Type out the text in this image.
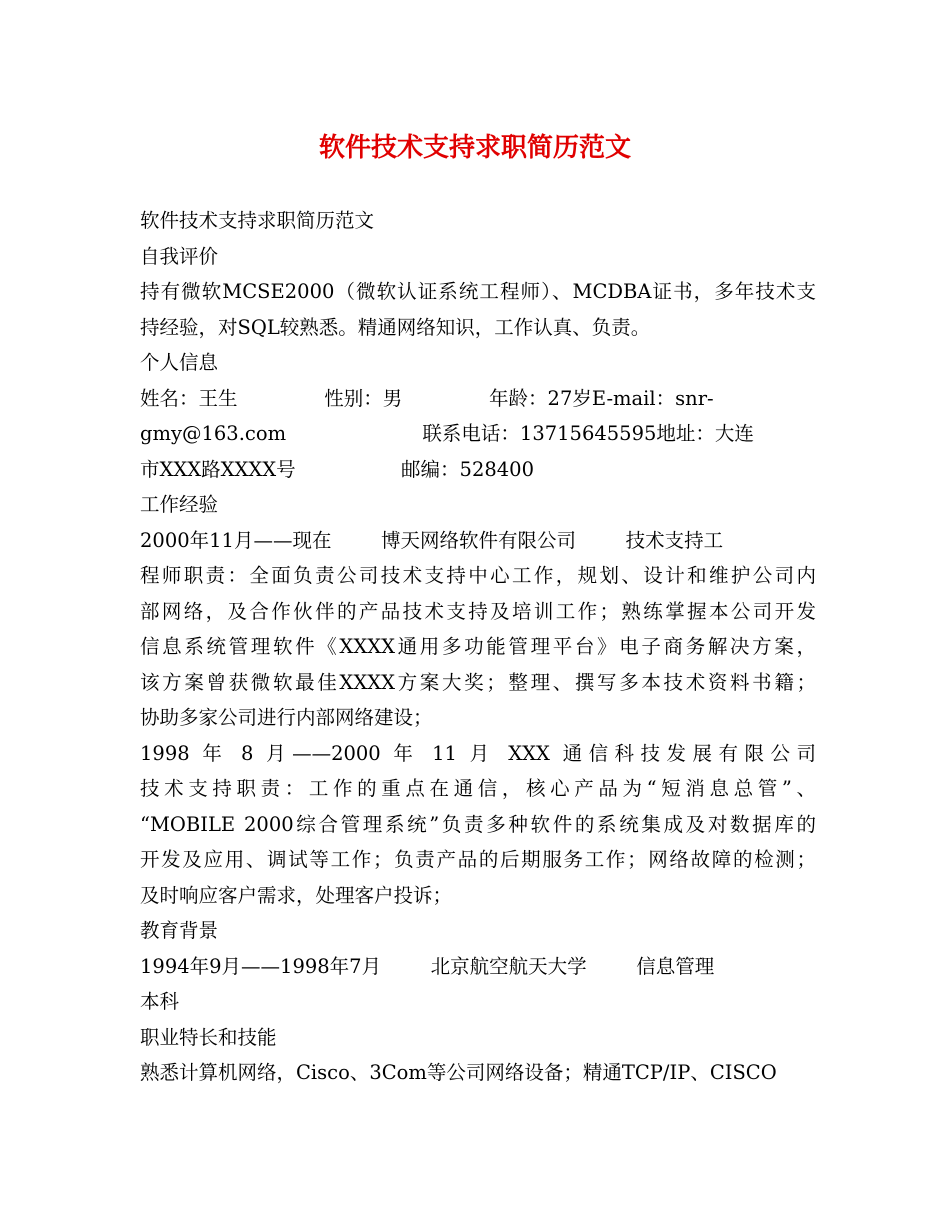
软件技术支持求职简历范文
软件技术支持求职简历范文
自我评价
持有微软MCSE2000（微软认证系统工程师）、MCDBA证书，多年技术支
持经验，对SQL较熟悉。精通网络知识，工作认真、负责。
个人信息
姓名：王生              性别：男              年龄：27岁E-mail：snr-
gmy@163.com                      联系电话：13715645595地址：大连
市XXX路XXXX号                 邮编：528400
工作经验
2000年11月——现在        博天网络软件有限公司        技术支持工
程师职责：全面负责公司技术支持中心工作，规划、设计和维护公司内
部网络，及合作伙伴的产品技术支持及培训工作；熟练掌握本公司开发
信息系统管理软件《XXXX通用多功能管理平台》电子商务解决方案，
该方案曾获微软最佳XXXX方案大奖；整理、撰写多本技术资料书籍；
协助多家公司进行内部网络建设；
1998 年 8 月——2000 年 11 月 XXX 通信科技发展有限公司
技术支持职责：工作的重点在通信，核心产品为“短消息总管”、
“MOBILE 2000综合管理系统”负责多种软件的系统集成及对数据库的
开发及应用、调试等工作；负责产品的后期服务工作；网络故障的检测；
及时响应客户需求，处理客户投诉；
教育背景
1994年9月——1998年7月        北京航空航天大学        信息管理
本科
职业特长和技能
熟悉计算机网络，Cisco、3Com等公司网络设备；精通TCP/IP、CISCO
